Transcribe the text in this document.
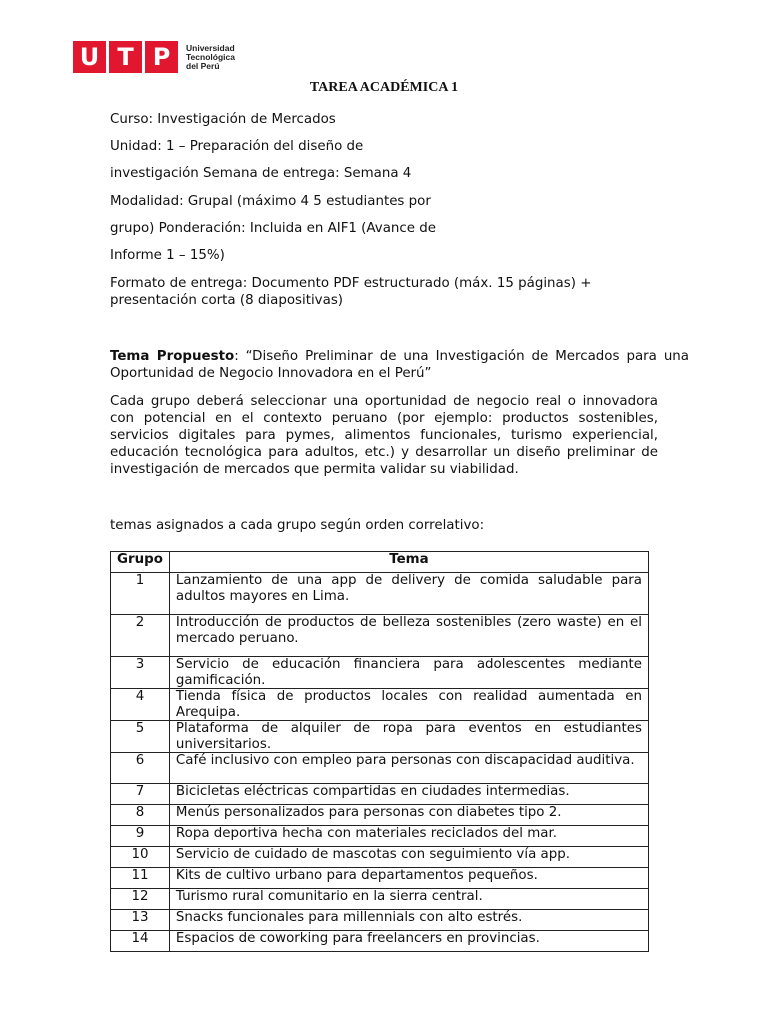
U T P	Universidad
Tecnológica
del Perú
TAREA ACADÉMICA 1
Curso: Investigación de Mercados
Unidad: 1 – Preparación del diseño de
investigación Semana de entrega: Semana 4
Modalidad: Grupal (máximo 4 5 estudiantes por
grupo) Ponderación: Incluida en AIF1 (Avance de
Informe 1 – 15%)
Formato de entrega: Documento PDF estructurado (máx. 15 páginas) +
presentación corta (8 diapositivas)
Tema Propuesto: “Diseño Preliminar de una Investigación de Mercados para una Oportunidad de Negocio Innovadora en el Perú”
Cada grupo deberá seleccionar una oportunidad de negocio real o innovadora con potencial en el contexto peruano (por ejemplo: productos sostenibles, servicios digitales para pymes, alimentos funcionales, turismo experiencial, educación tecnológica para adultos, etc.) y desarrollar un diseño preliminar de investigación de mercados que permita validar su viabilidad.
temas asignados a cada grupo según orden correlativo:
Grupo	Tema
1	Lanzamiento de una app de delivery de comida saludable para adultos mayores en Lima.
2	Introducción de productos de belleza sostenibles (zero waste) en el mercado peruano.
3	Servicio de educación financiera para adolescentes mediante gamificación.
4	Tienda física de productos locales con realidad aumentada en Arequipa.
5	Plataforma de alquiler de ropa para eventos en estudiantes universitarios.
6	Café inclusivo con empleo para personas con discapacidad auditiva.
7	Bicicletas eléctricas compartidas en ciudades intermedias.
8	Menús personalizados para personas con diabetes tipo 2.
9	Ropa deportiva hecha con materiales reciclados del mar.
10	Servicio de cuidado de mascotas con seguimiento vía app.
11	Kits de cultivo urbano para departamentos pequeños.
12	Turismo rural comunitario en la sierra central.
13	Snacks funcionales para millennials con alto estrés.
14	Espacios de coworking para freelancers en provincias.
